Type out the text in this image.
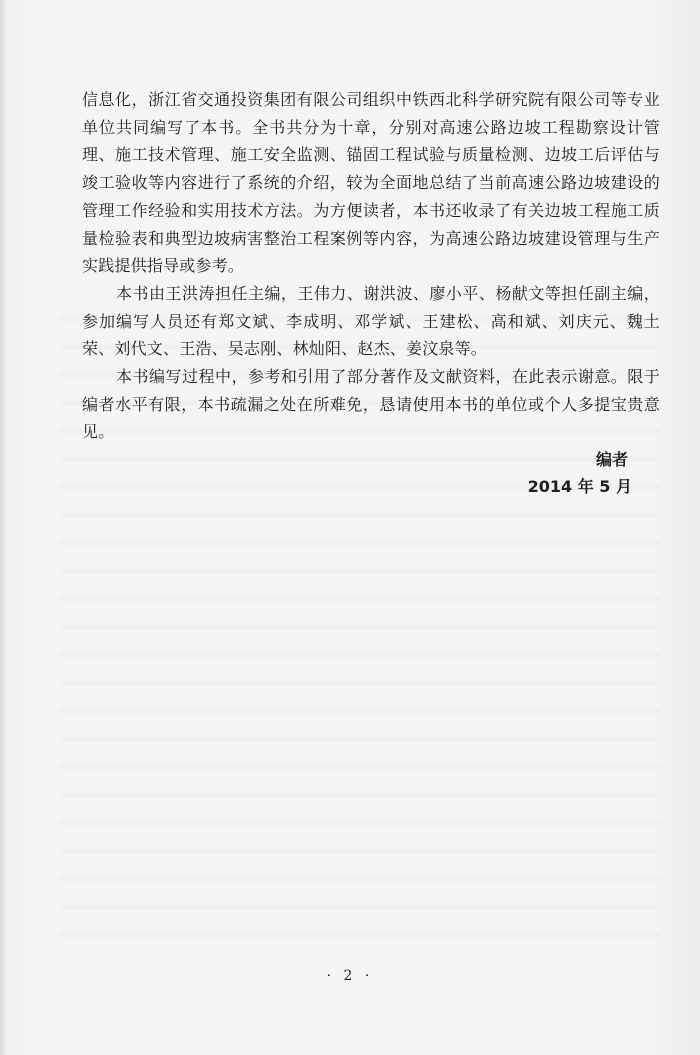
信息化，浙江省交通投资集团有限公司组织中铁西北科学研究院有限公司等专业单位共同编写了本书。全书共分为十章，分别对高速公路边坡工程勘察设计管理、施工技术管理、施工安全监测、锚固工程试验与质量检测、边坡工后评估与竣工验收等内容进行了系统的介绍，较为全面地总结了当前高速公路边坡建设的管理工作经验和实用技术方法。为方便读者，本书还收录了有关边坡工程施工质量检验表和典型边坡病害整治工程案例等内容，为高速公路边坡建设管理与生产实践提供指导或参考。

本书由王洪涛担任主编，王伟力、谢洪波、廖小平、杨献文等担任副主编，参加编写人员还有郑文斌、李成明、邓学斌、王建松、高和斌、刘庆元、魏土荣、刘代文、王浩、吴志刚、林灿阳、赵杰、姜汶泉等。

本书编写过程中，参考和引用了部分著作及文献资料，在此表示谢意。限于编者水平有限，本书疏漏之处在所难免，恳请使用本书的单位或个人多提宝贵意见。

编者
2014 年 5 月
· 2 ·
